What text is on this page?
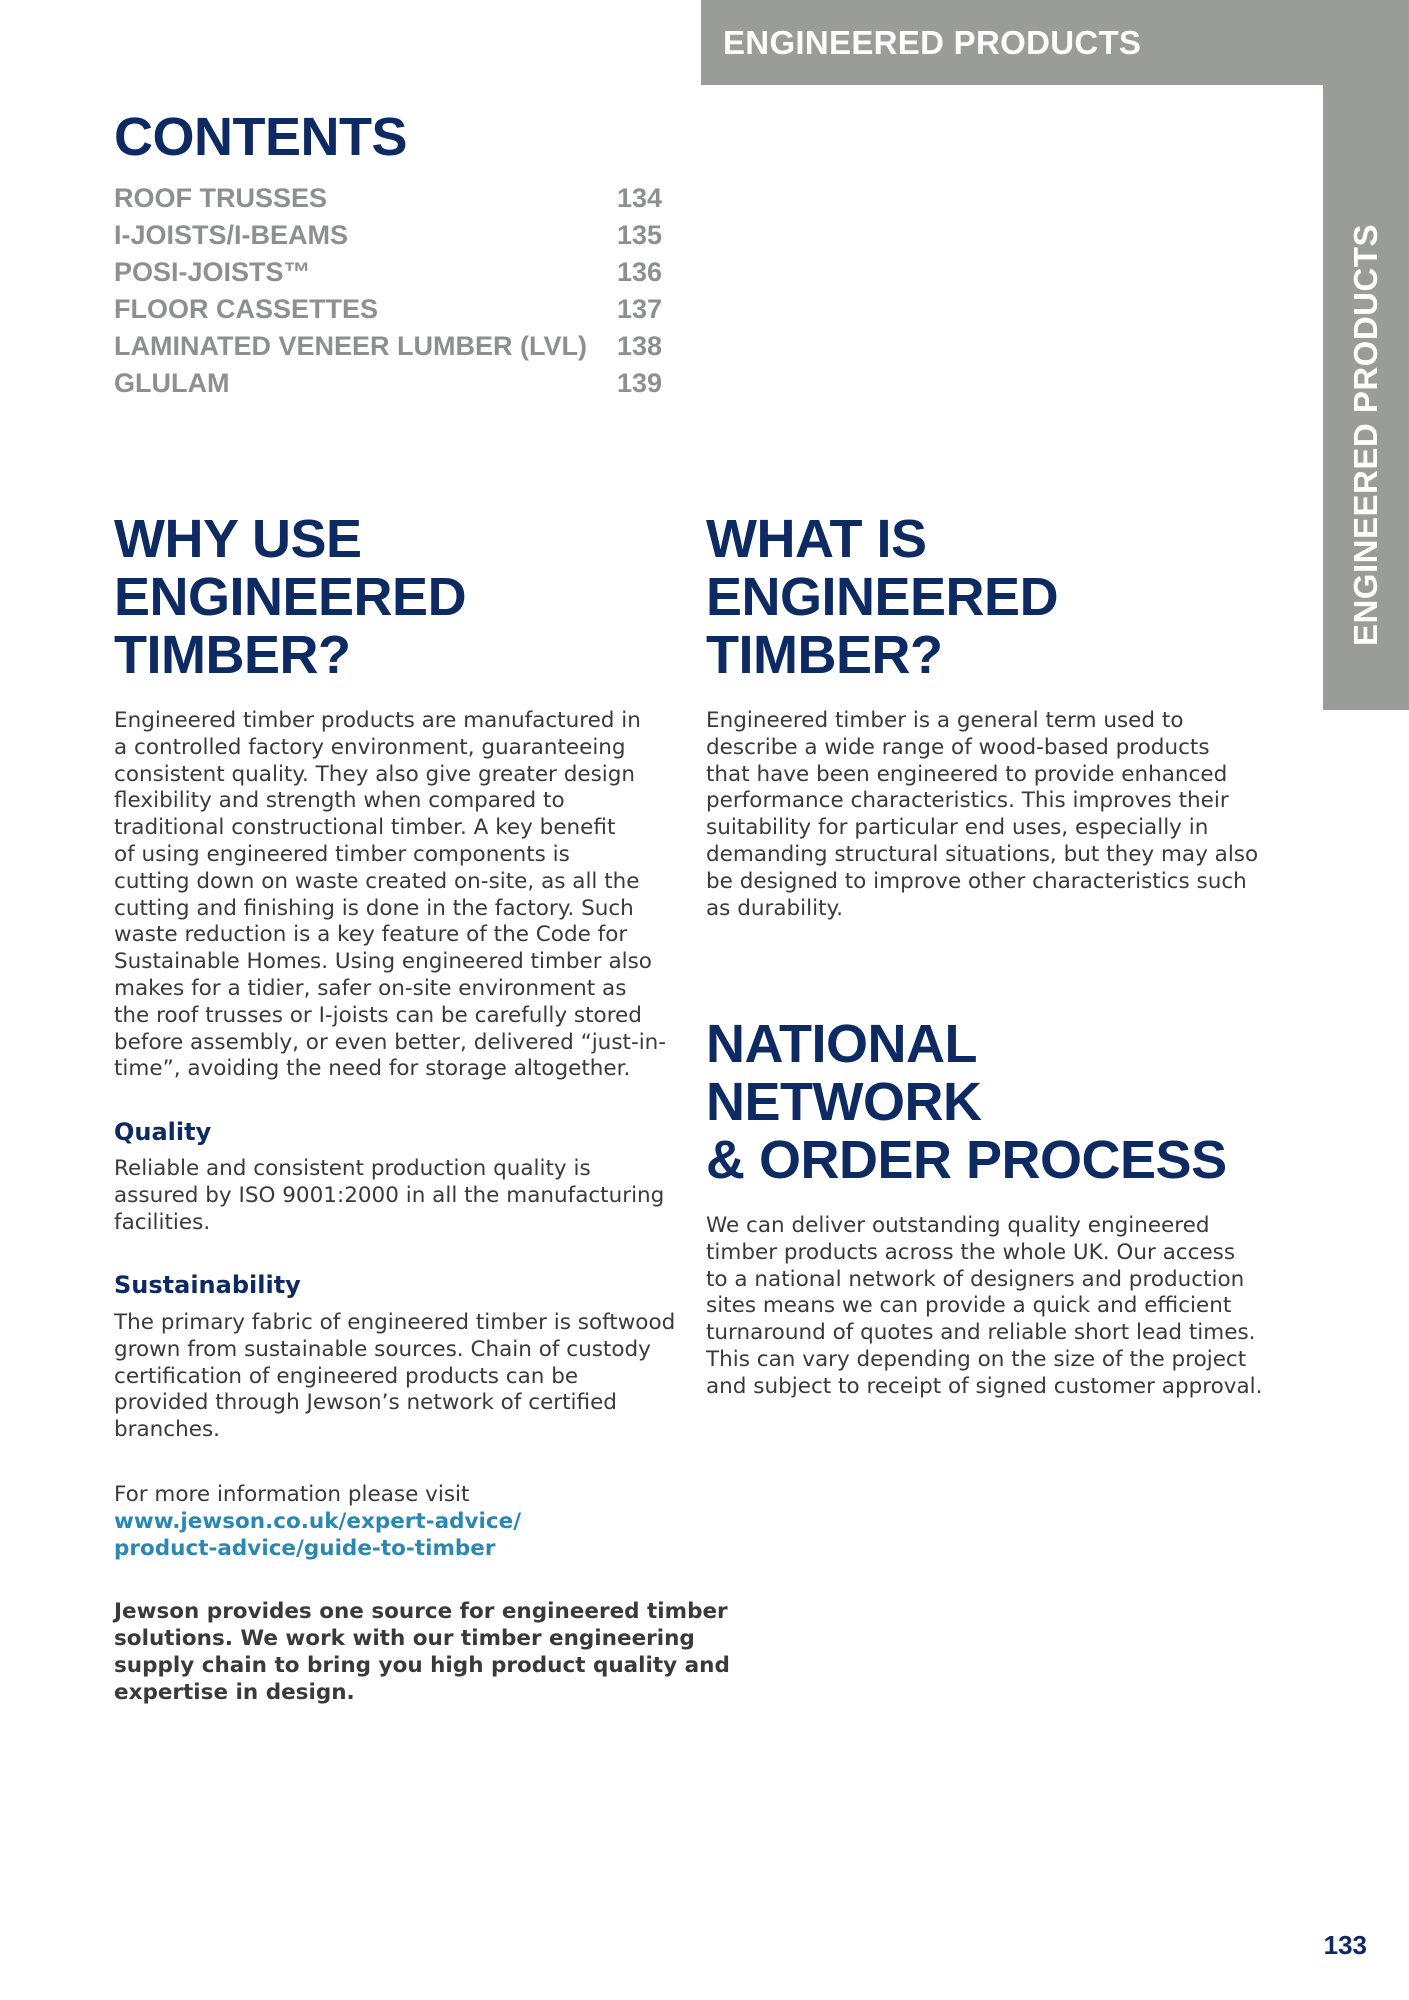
ENGINEERED PRODUCTS
ENGINEERED PRODUCTS
CONTENTS
ROOF TRUSSES	134
I-JOISTS/I-BEAMS	135
POSI-JOISTS™	136
FLOOR CASSETTES	137
LAMINATED VENEER LUMBER (LVL) 138
GLULAM	139
WHY USE
ENGINEERED
TIMBER?
Engineered timber products are manufactured in
a controlled factory environment, guaranteeing
consistent quality. They also give greater design
flexibility and strength when compared to
traditional constructional timber. A key benefit
of using engineered timber components is
cutting down on waste created on-site, as all the
cutting and finishing is done in the factory. Such
waste reduction is a key feature of the Code for
Sustainable Homes. Using engineered timber also
makes for a tidier, safer on-site environment as
the roof trusses or I-joists can be carefully stored
before assembly, or even better, delivered “just-in-
time”, avoiding the need for storage altogether.
Quality
Reliable and consistent production quality is
assured by ISO 9001:2000 in all the manufacturing
facilities.
Sustainability
The primary fabric of engineered timber is softwood
grown from sustainable sources. Chain of custody
certification of engineered products can be
provided through Jewson’s network of certified
branches.
For more information please visit
www.jewson.co.uk/expert-advice/
product-advice/guide-to-timber
Jewson provides one source for engineered timber
solutions. We work with our timber engineering
supply chain to bring you high product quality and
expertise in design.
WHAT IS
ENGINEERED
TIMBER?
Engineered timber is a general term used to
describe a wide range of wood-based products
that have been engineered to provide enhanced
performance characteristics. This improves their
suitability for particular end uses, especially in
demanding structural situations, but they may also
be designed to improve other characteristics such
as durability.
NATIONAL
NETWORK
& ORDER PROCESS
We can deliver outstanding quality engineered
timber products across the whole UK. Our access
to a national network of designers and production
sites means we can provide a quick and efficient
turnaround of quotes and reliable short lead times.
This can vary depending on the size of the project
and subject to receipt of signed customer approval.
133
